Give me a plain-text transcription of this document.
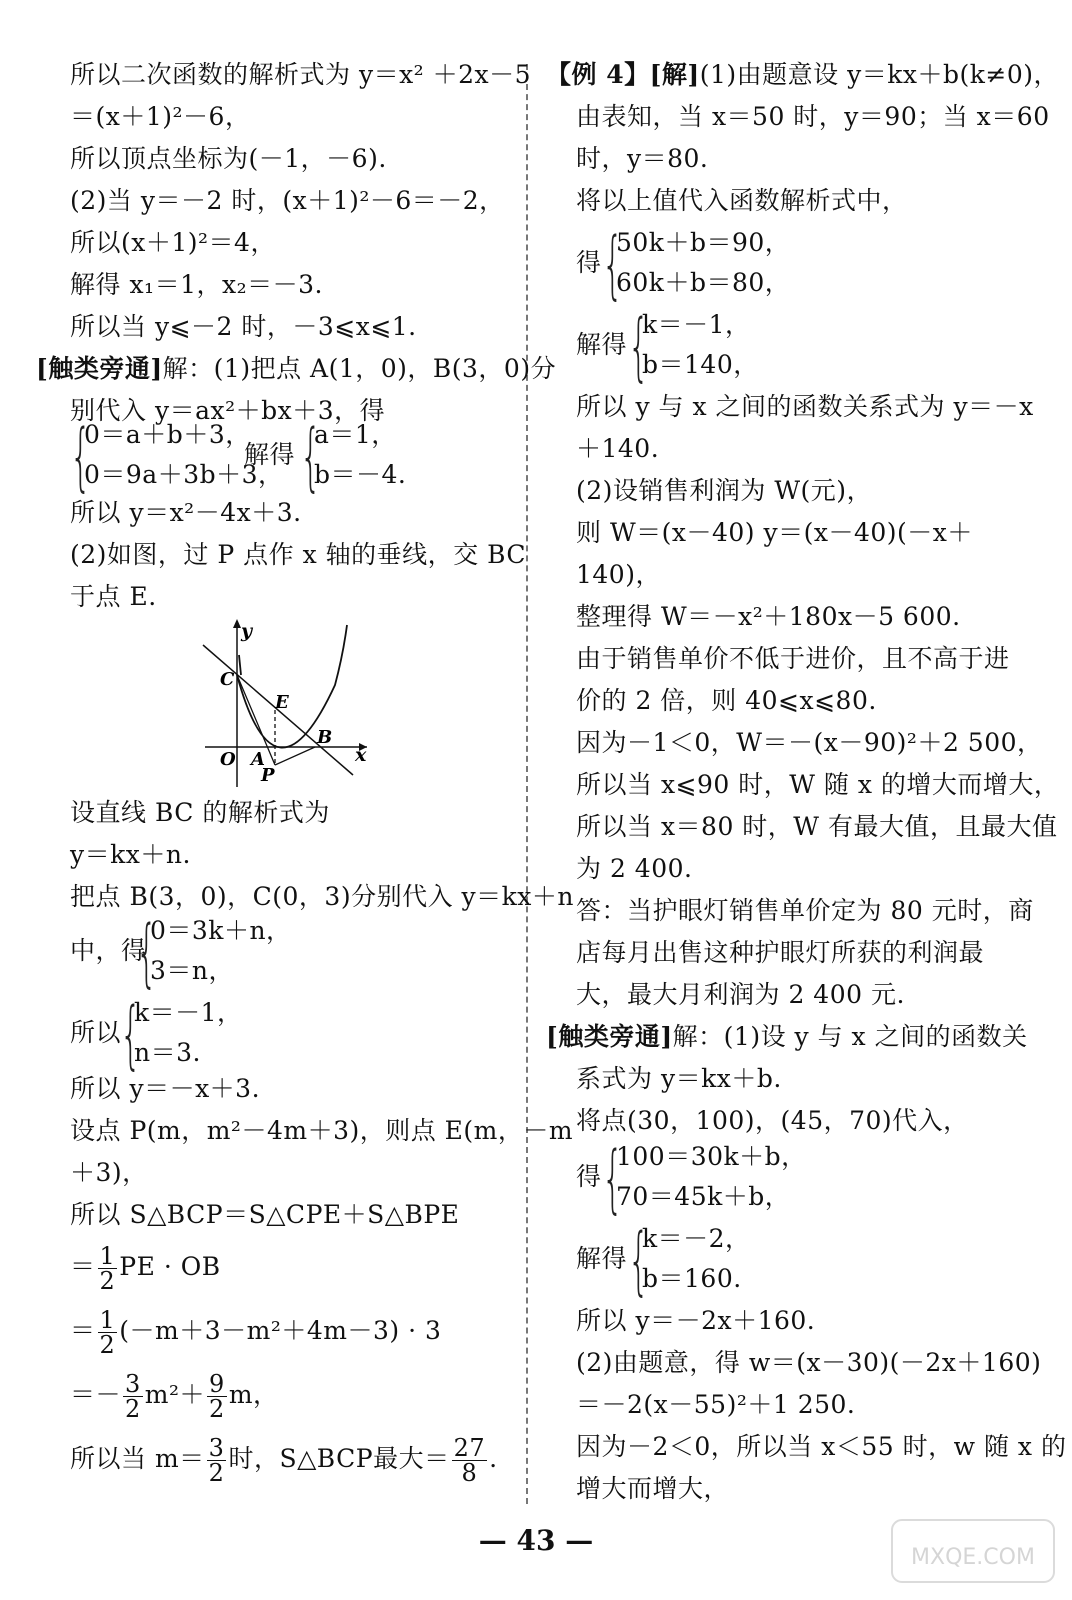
所以二次函数的解析式为 y＝x² ＋2x－5
＝(x＋1)²－6，
所以顶点坐标为(－1，－6).
(2)当 y＝－2 时，(x＋1)²－6＝－2，
所以(x＋1)²＝4，
解得 x₁＝1，x₂＝－3.
所以当 y⩽－2 时，－3⩽x⩽1.
[触类旁通]解：(1)把点 A(1，0)，B(3，0)分
别代入 y＝ax²＋bx＋3，得
{
0＝a＋b＋3，
0＝9a＋3b＋3，
解得 {
a＝1，
b＝－4.
所以 y＝x²－4x＋3.
(2)如图，过 P 点作 x 轴的垂线，交 BC
于点 E.
y
x
C
E
B
O A
P
设直线 BC 的解析式为
y＝kx＋n.
把点 B(3，0)，C(0，3)分别代入 y＝kx＋n
中，得
{
0＝3k＋n，
3＝n，
所以
{
k＝－1，
n＝3.
所以 y＝－x＋3.
设点 P(m，m²－4m＋3)，则点 E(m，－m
＋3)，
所以 S△BCP＝S△CPE＋S△BPE
＝ $\frac{1}{2}$ PE · OB
＝ $\frac{1}{2} (-m+3-m^2+4m-3) \cdot 3$
＝－ $\frac{3}{2} m^2+ \frac{9}{2}$ m，
所以当 $m= \frac{3}{2}$ 时，S△BCP最大＝ $\frac{27}{8}$ .
【例 4】[解](1)由题意设 y＝kx＋b(k≠0)，
由表知，当 x＝50 时，y＝90；当 x＝60
时，y＝80.
将以上值代入函数解析式中，
得 {
50k＋b＝90，
60k＋b＝80，
解得 {
k＝－1，
b＝140，
所以 y 与 x 之间的函数关系式为 y＝－x
＋140.
(2)设销售利润为 W(元)，
则 W＝(x－40) y＝(x－40)(－x＋
140)，
整理得 W＝－x²＋180x－5 600.
由于销售单价不低于进价，且不高于进
价的 2 倍，则 40⩽x⩽80.
因为－1＜0，W＝－(x－90)²＋2 500，
所以当 x⩽90 时，W 随 x 的增大而增大，
所以当 x＝80 时，W 有最大值，且最大值
为 2 400.
答：当护眼灯销售单价定为 80 元时，商
店每月出售这种护眼灯所获的利润最
大，最大月利润为 2 400 元.
[触类旁通]解：(1)设 y 与 x 之间的函数关
系式为 y＝kx＋b.
将点(30，100)，(45，70)代入，
得 {
100＝30k＋b，
70＝45k＋b，
解得 {
k＝－2，
b＝160.
所以 y＝－2x＋160.
(2)由题意，得 w＝(x－30)(－2x＋160)
＝－2(x－55)²＋1 250.
因为－2＜0，所以当 x＜55 时，w 随 x 的
增大而增大，
— 43 —
MXQE.COM
